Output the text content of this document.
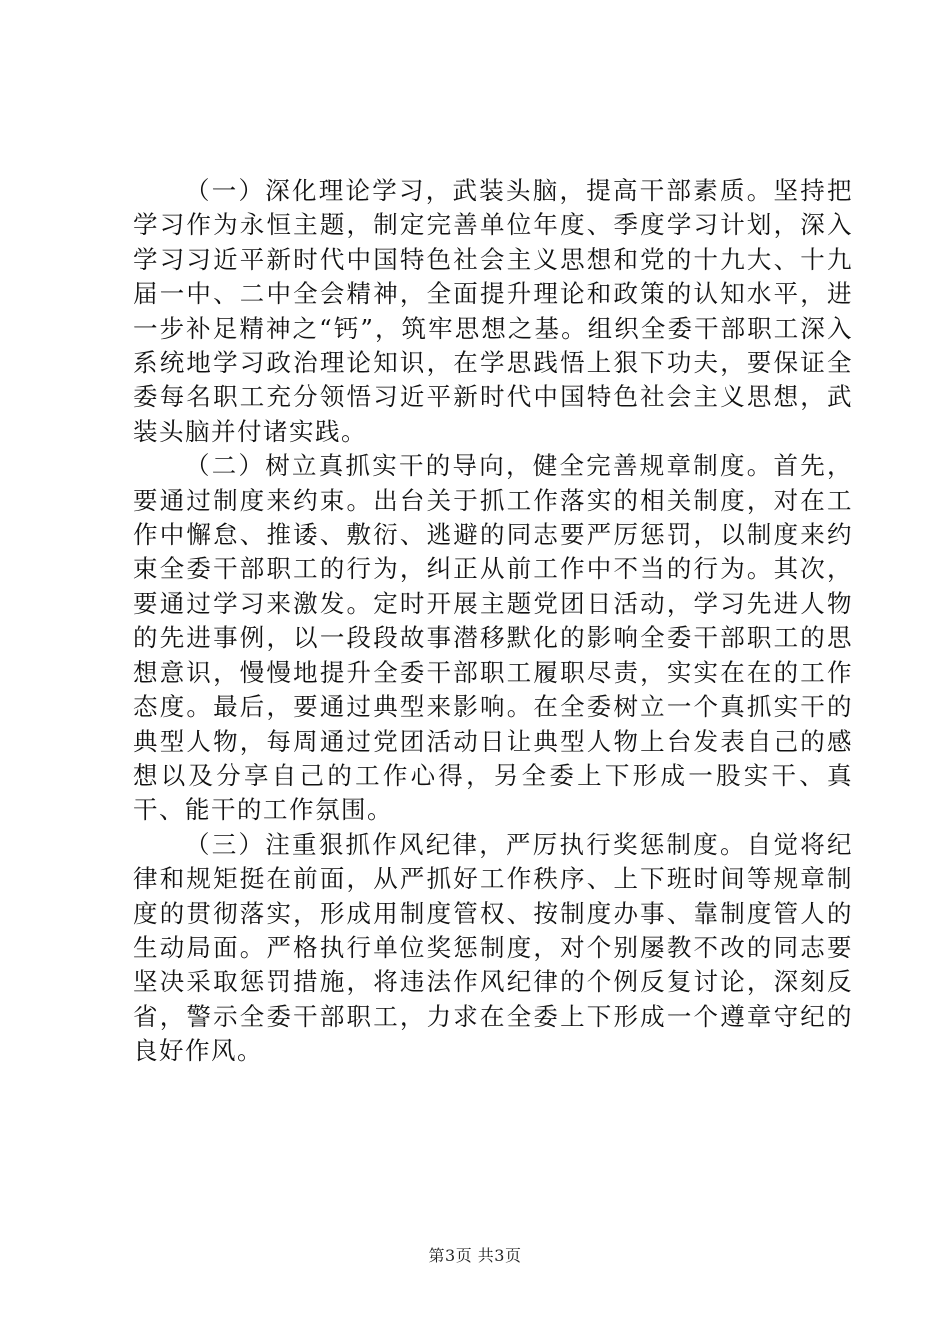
（一）深化理论学习，武装头脑，提高干部素质。坚持把学习作为永恒主题，制定完善单位年度、季度学习计划，深入学习习近平新时代中国特色社会主义思想和党的十九大、十九届一中、二中全会精神，全面提升理论和政策的认知水平，进一步补足精神之“钙”，筑牢思想之基。组织全委干部职工深入系统地学习政治理论知识，在学思践悟上狠下功夫，要保证全委每名职工充分领悟习近平新时代中国特色社会主义思想，武装头脑并付诸实践。

（二）树立真抓实干的导向，健全完善规章制度。首先，要通过制度来约束。出台关于抓工作落实的相关制度，对在工作中懈怠、推诿、敷衍、逃避的同志要严厉惩罚，以制度来约束全委干部职工的行为，纠正从前工作中不当的行为。其次，要通过学习来激发。定时开展主题党团日活动，学习先进人物的先进事例，以一段段故事潜移默化的影响全委干部职工的思想意识，慢慢地提升全委干部职工履职尽责，实实在在的工作态度。最后，要通过典型来影响。在全委树立一个真抓实干的典型人物，每周通过党团活动日让典型人物上台发表自己的感想以及分享自己的工作心得，另全委上下形成一股实干、真干、能干的工作氛围。

（三）注重狠抓作风纪律，严厉执行奖惩制度。自觉将纪律和规矩挺在前面，从严抓好工作秩序、上下班时间等规章制度的贯彻落实，形成用制度管权、按制度办事、靠制度管人的生动局面。严格执行单位奖惩制度，对个别屡教不改的同志要坚决采取惩罚措施，将违法作风纪律的个例反复讨论，深刻反省，警示全委干部职工，力求在全委上下形成一个遵章守纪的良好作风。

第3页 共3页
